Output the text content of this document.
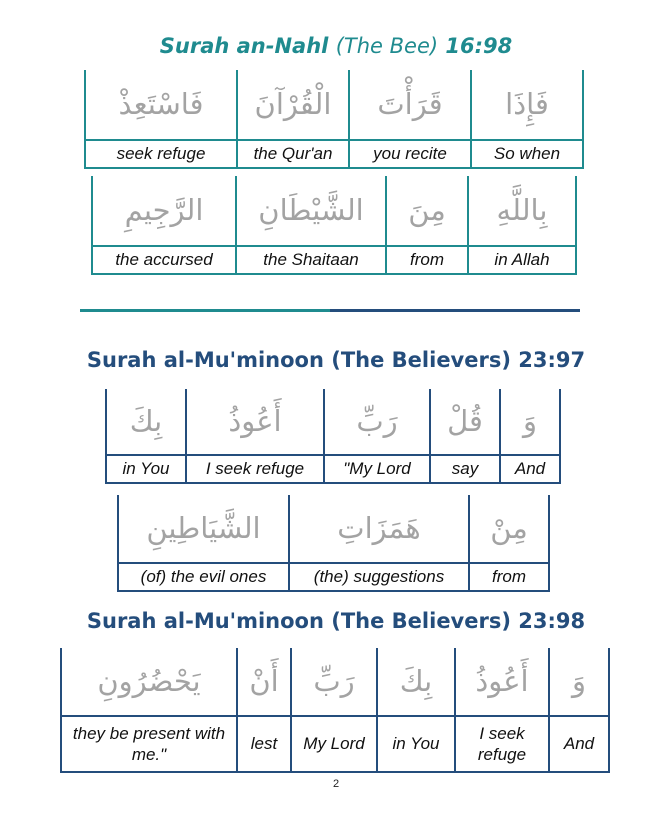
Surah an-Nahl (The Bee) 16:98
فَاسْتَعِذْ	الْقُرْآنَ	قَرَأْتَ	فَإِذَا
seek refuge	the Qur'an	you recite	So when
الرَّجِيمِ	الشَّيْطَانِ	مِنَ	بِاللَّهِ
the accursed	the Shaitaan	from	in Allah
Surah al-Mu'minoon (The Believers) 23:97
بِكَ	أَعُوذُ	رَبِّ	قُلْ	وَ
in You	I seek refuge	"My Lord	say	And
الشَّيَاطِينِ	هَمَزَاتِ	مِنْ
(of) the evil ones	(the) suggestions	from
Surah al-Mu'minoon (The Believers) 23:98
يَحْضُرُونِ	أَنْ	رَبِّ	بِكَ	أَعُوذُ	وَ
they be present with me."	lest	My Lord	in You	I seek refuge	And
2
